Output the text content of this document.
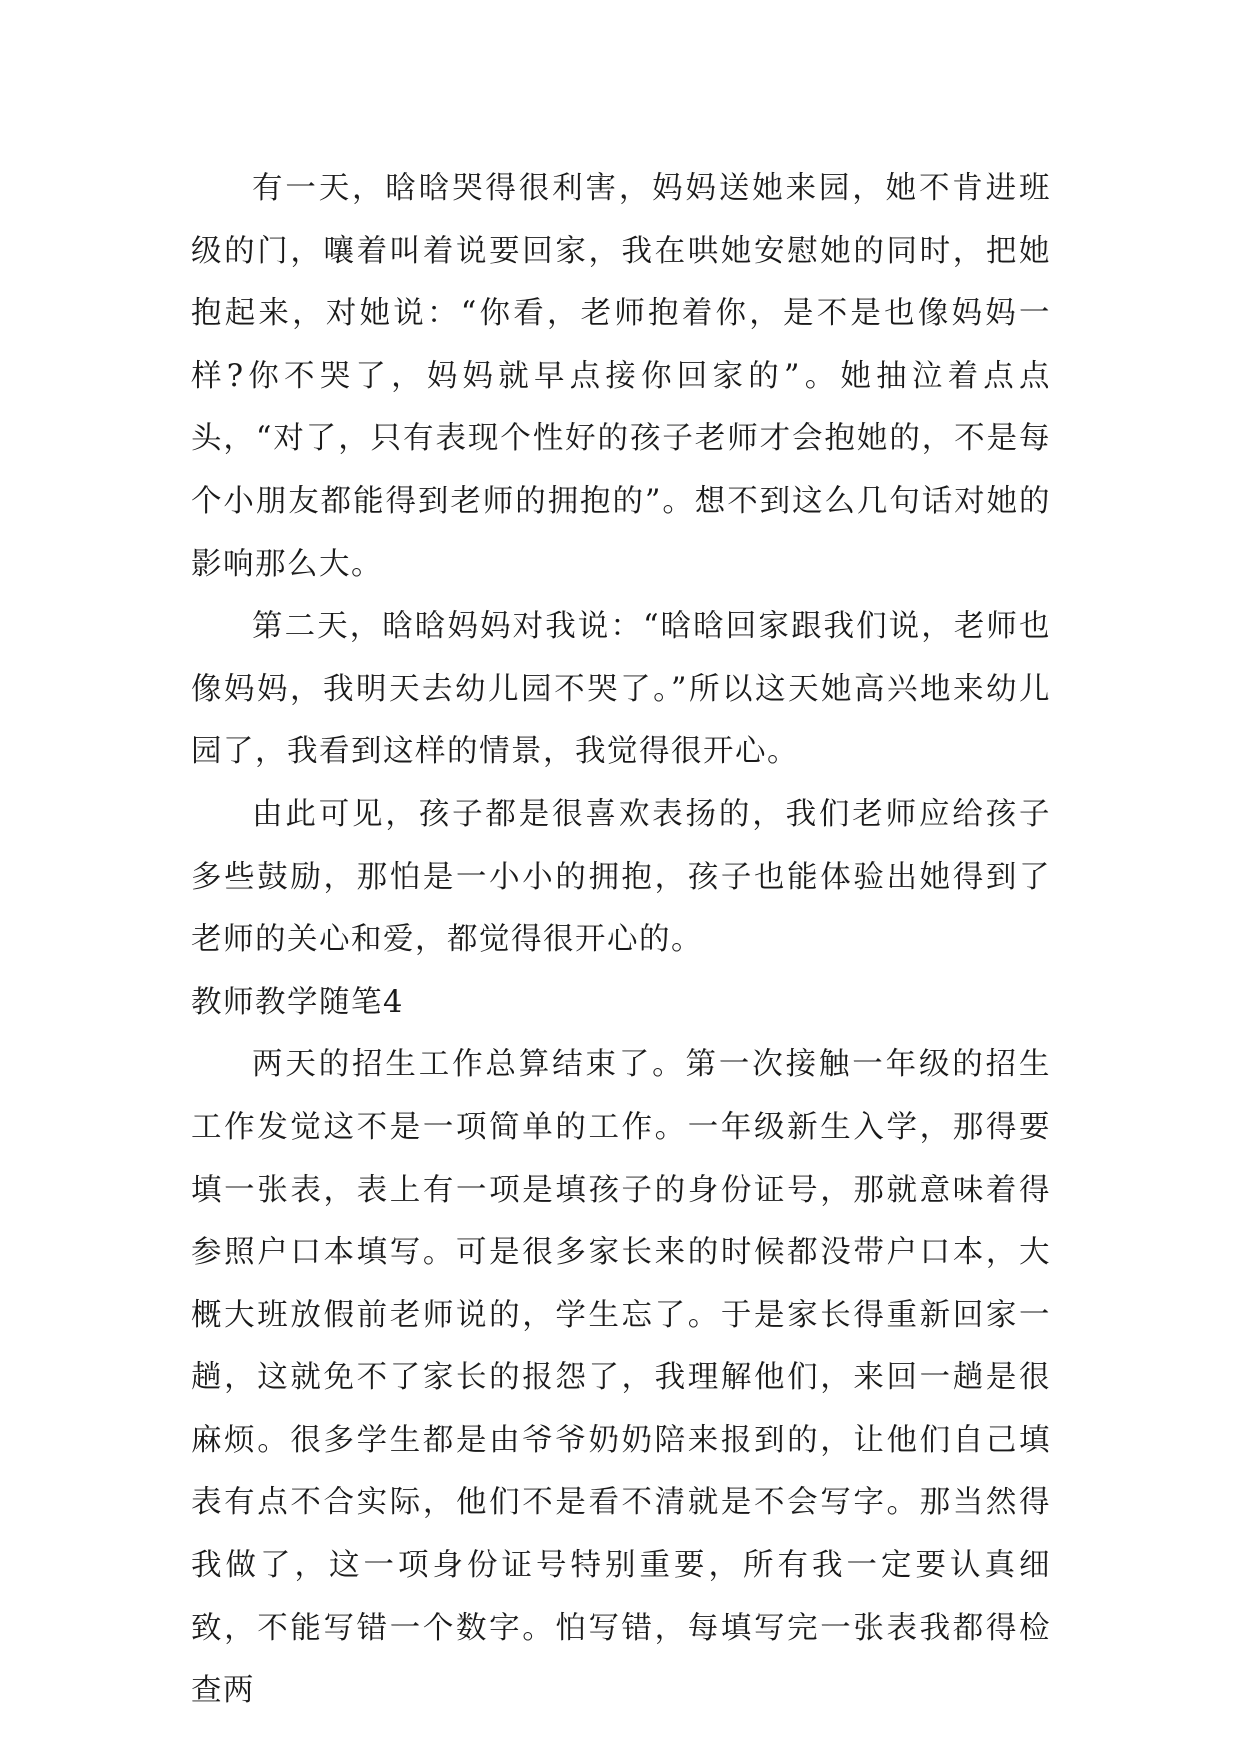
有一天，晗晗哭得很利害，妈妈送她来园，她不肯进班级的门，嚷着叫着说要回家，我在哄她安慰她的同时，把她抱起来，对她说：“你看，老师抱着你，是不是也像妈妈一样?你不哭了，妈妈就早点接你回家的”。她抽泣着点点头，“对了，只有表现个性好的孩子老师才会抱她的，不是每个小朋友都能得到老师的拥抱的”。想不到这么几句话对她的影响那么大。

第二天，晗晗妈妈对我说：“晗晗回家跟我们说，老师也像妈妈，我明天去幼儿园不哭了。”所以这天她高兴地来幼儿园了，我看到这样的情景，我觉得很开心。

由此可见，孩子都是很喜欢表扬的，我们老师应给孩子多些鼓励，那怕是一小小的拥抱，孩子也能体验出她得到了老师的关心和爱，都觉得很开心的。

教师教学随笔4

两天的招生工作总算结束了。第一次接触一年级的招生工作发觉这不是一项简单的工作。一年级新生入学，那得要填一张表，表上有一项是填孩子的身份证号，那就意味着得参照户口本填写。可是很多家长来的时候都没带户口本，大概大班放假前老师说的，学生忘了。于是家长得重新回家一趟，这就免不了家长的报怨了，我理解他们，来回一趟是很麻烦。很多学生都是由爷爷奶奶陪来报到的，让他们自己填表有点不合实际，他们不是看不清就是不会写字。那当然得我做了，这一项身份证号特别重要，所有我一定要认真细致，不能写错一个数字。怕写错，每填写完一张表我都得检查两
